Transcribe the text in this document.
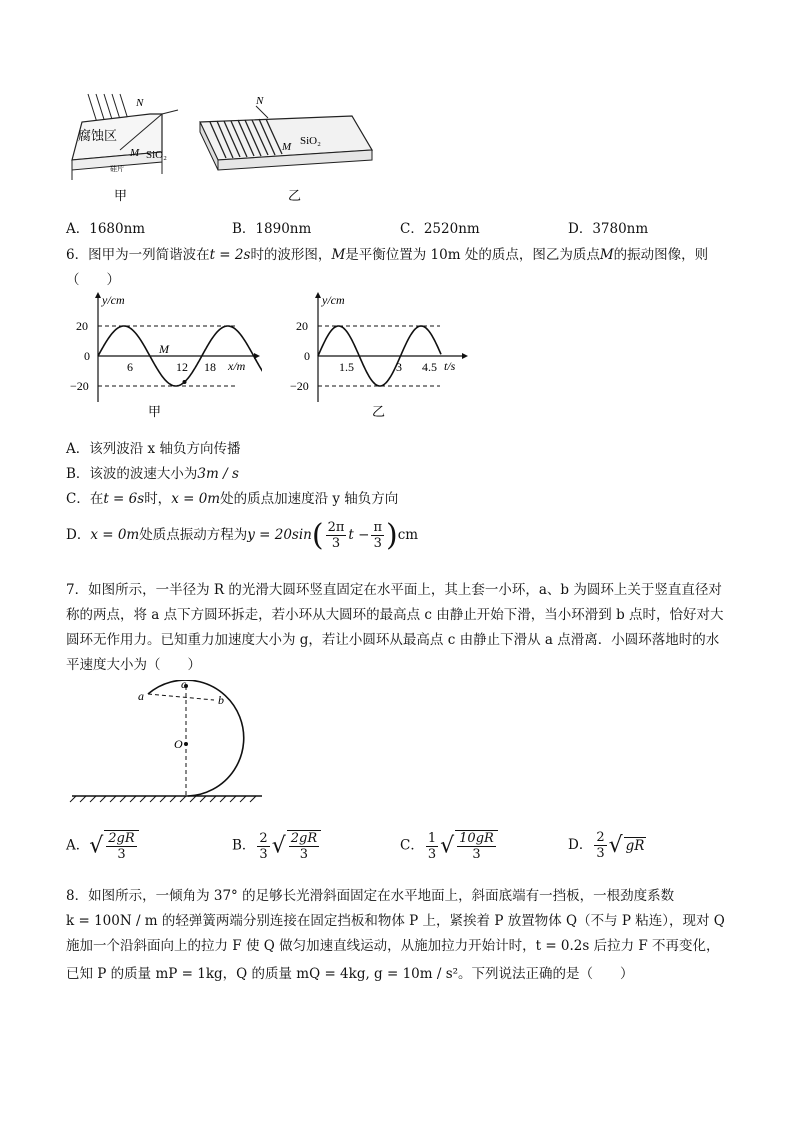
腐蚀区
N
M SiO₂
硅片
甲
N
M SiO₂
乙
A．1680nm	B．1890nm	C．2520nm	D．3780nm
6．图甲为一列简谐波在t = 2s时的波形图，M是平衡位置为 10m 处的质点，图乙为质点M的振动图像，则
（　　）
y/cm
x/m
20
0
−20
6	12 18
M
甲
y/cm
t/s
20
0
−20
1.5	3 4.5
乙
A．该列波沿 x 轴负方向传播
B．该波的波速大小为3m / s
C．在t = 6s时，x = 0m处的质点加速度沿 y 轴负方向
D．x = 0m处质点振动方程为$y = 20\sin( \frac{2\pi}{3}$ $t - \frac{\pi}{3} )cm$
7．如图所示，一半径为 R 的光滑大圆环竖直固定在水平面上，其上套一小环，a、b 为圆环上关于竖直直径对
称的两点，将 a 点下方圆环拆走，若小环从大圆环的最高点 c 由静止开始下滑，当小环滑到 b 点时，恰好对大
圆环无作用力。已知重力加速度大小为 g，若让小圆环从最高点 c 由静止下滑从 a 点滑离．小圆环落地时的水
平速度大小为（　　）
c
a	b
O
A．√ $\frac{2gR}{3}$	B． $\frac{2}{3}$ √ $\frac{2gR}{3}$	C． $\frac{1}{3}$ √ $\frac{10gR}{3}$	D． $\frac{2}{3}$ √ gR
8．如图所示，一倾角为 37° 的足够长光滑斜面固定在水平地面上，斜面底端有一挡板，一根劲度系数
k = 100N / m 的轻弹簧两端分别连接在固定挡板和物体 P 上，紧挨着 P 放置物体 Q（不与 P 粘连），现对 Q
施加一个沿斜面向上的拉力 F 使 Q 做匀加速直线运动，从施加拉力开始计时，t = 0.2s 后拉力 F 不再变化，
已知 P 的质量 mP = 1kg，Q 的质量 mQ = 4kg, g = 10m / s²。下列说法正确的是（　　）
